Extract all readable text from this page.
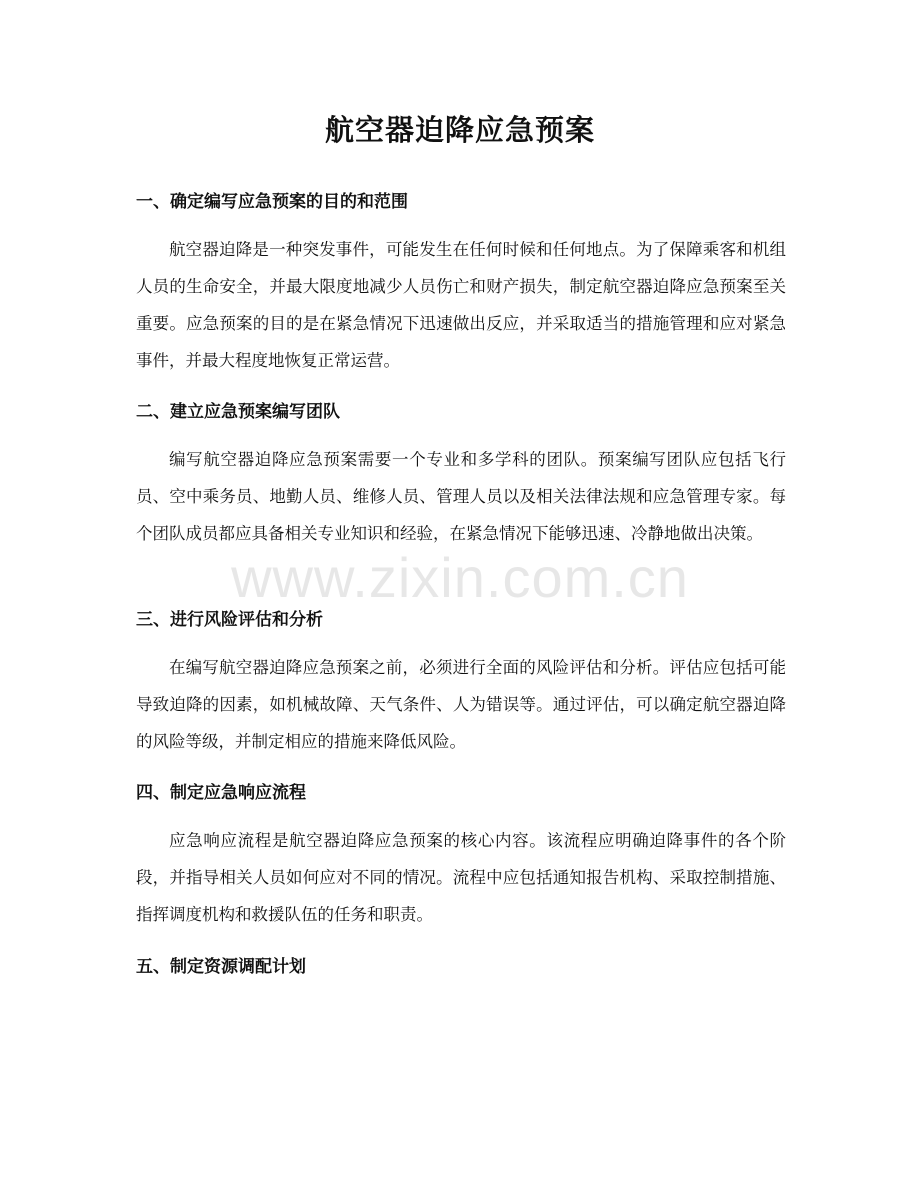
航空器迫降应急预案
一、确定编写应急预案的目的和范围

航空器迫降是一种突发事件，可能发生在任何时候和任何地点。为了保障乘客和机组人员的生命安全，并最大限度地减少人员伤亡和财产损失，制定航空器迫降应急预案至关重要。应急预案的目的是在紧急情况下迅速做出反应，并采取适当的措施管理和应对紧急事件，并最大程度地恢复正常运营。

二、建立应急预案编写团队

编写航空器迫降应急预案需要一个专业和多学科的团队。预案编写团队应包括飞行员、空中乘务员、地勤人员、维修人员、管理人员以及相关法律法规和应急管理专家。每个团队成员都应具备相关专业知识和经验，在紧急情况下能够迅速、冷静地做出决策。

三、进行风险评估和分析

在编写航空器迫降应急预案之前，必须进行全面的风险评估和分析。评估应包括可能导致迫降的因素，如机械故障、天气条件、人为错误等。通过评估，可以确定航空器迫降的风险等级，并制定相应的措施来降低风险。

四、制定应急响应流程

应急响应流程是航空器迫降应急预案的核心内容。该流程应明确迫降事件的各个阶段，并指导相关人员如何应对不同的情况。流程中应包括通知报告机构、采取控制措施、指挥调度机构和救援队伍的任务和职责。

五、制定资源调配计划
www.zixin.com.cn
